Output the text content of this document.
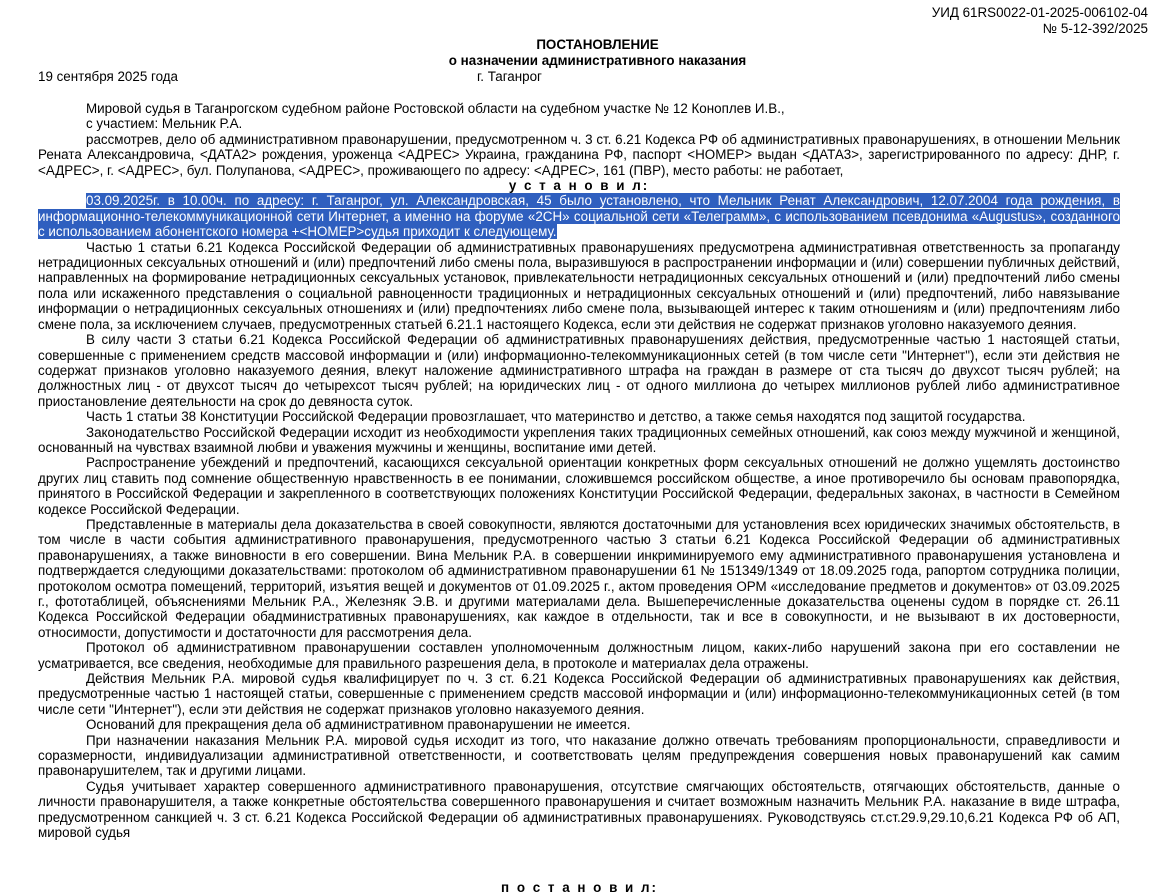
УИД 61RS0022-01-2025-006102-04
№ 5-12-392/2025
ПОСТАНОВЛЕНИЕ
о назначении административного наказания
19 сентября 2025 года	г. Таганрог

Мировой судья в Таганрогском судебном районе Ростовской области на судебном участке № 12 Коноплев И.В.,

с участием: Мельник Р.А.

рассмотрев, дело об административном правонарушении, предусмотренном ч. 3 ст. 6.21 Кодекса РФ об административных правонарушениях, в отношении Мельник Рената Александровича, <ДАТА2> рождения, уроженца <АДРЕС> Украина, гражданина РФ, паспорт <НОМЕР> выдан <ДАТА3>, зарегистрированного по адресу: ДНР, г. <АДРЕС>, г. <АДРЕС>, бул. Полупанова, <АДРЕС>, проживающего по адресу: <АДРЕС>, 161 (ПВР), место работы: не работает,

у с т а н о в и л:

03.09.2025г. в 10.00ч. по адресу: г. Таганрог, ул. Александровская, 45 было установлено, что Мельник Ренат Александрович, 12.07.2004 года рождения, в информационно-телекоммуникационной сети Интернет, а именно на форуме «2CH» социальной сети «Телеграмм», с использованием псевдонима «Augustus», созданного с использованием абонентского номера +<НОМЕР>судья приходит к следующему.

Частью 1 статьи 6.21 Кодекса Российской Федерации об административных правонарушениях предусмотрена административная ответственность за пропаганду нетрадиционных сексуальных отношений и (или) предпочтений либо смены пола, выразившуюся в распространении информации и (или) совершении публичных действий, направленных на формирование нетрадиционных сексуальных установок, привлекательности нетрадиционных сексуальных отношений и (или) предпочтений либо смены пола или искаженного представления о социальной равноценности традиционных и нетрадиционных сексуальных отношений и (или) предпочтений, либо навязывание информации о нетрадиционных сексуальных отношениях и (или) предпочтениях либо смене пола, вызывающей интерес к таким отношениям и (или) предпочтениям либо смене пола, за исключением случаев, предусмотренных статьей 6.21.1 настоящего Кодекса, если эти действия не содержат признаков уголовно наказуемого деяния.

В силу части 3 статьи 6.21 Кодекса Российской Федерации об административных правонарушениях действия, предусмотренные частью 1 настоящей статьи, совершенные с применением средств массовой информации и (или) информационно-телекоммуникационных сетей (в том числе сети "Интернет"), если эти действия не содержат признаков уголовно наказуемого деяния, влекут наложение административного штрафа на граждан в размере от ста тысяч до двухсот тысяч рублей; на должностных лиц - от двухсот тысяч до четырехсот тысяч рублей; на юридических лиц - от одного миллиона до четырех миллионов рублей либо административное приостановление деятельности на срок до девяноста суток.

Часть 1 статьи 38 Конституции Российской Федерации провозглашает, что материнство и детство, а также семья находятся под защитой государства.

Законодательство Российской Федерации исходит из необходимости укрепления таких традиционных семейных отношений, как союз между мужчиной и женщиной, основанный на чувствах взаимной любви и уважения мужчины и женщины, воспитание ими детей.

Распространение убеждений и предпочтений, касающихся сексуальной ориентации конкретных форм сексуальных отношений не должно ущемлять достоинство других лиц ставить под сомнение общественную нравственность в ее понимании, сложившемся российском обществе, а иное противоречило бы основам правопорядка, принятого в Российской Федерации и закрепленного в соответствующих положениях Конституции Российской Федерации, федеральных законах, в частности в Семейном кодексе Российской Федерации.

Представленные в материалы дела доказательства в своей совокупности, являются достаточными для установления всех юридических значимых обстоятельств, в том числе в части события административного правонарушения, предусмотренного частью 3 статьи 6.21 Кодекса Российской Федерации об административных правонарушениях, а также виновности в его совершении. Вина Мельник Р.А. в совершении инкриминируемого ему административного правонарушения установлена и подтверждается следующими доказательствами: протоколом об административном правонарушении 61 № 151349/1349 от 18.09.2025 года, рапортом сотрудника полиции, протоколом осмотра помещений, территорий, изъятия вещей и документов от 01.09.2025 г., актом проведения ОРМ «исследование предметов и документов» от 03.09.2025 г., фототаблицей, объяснениями Мельник Р.А., Железняк Э.В. и другими материалами дела. Вышеперечисленные доказательства оценены судом в порядке ст. 26.11 Кодекса Российской Федерации обадминистративных правонарушениях, как каждое в отдельности, так и все в совокупности, и не вызывают в их достоверности, относимости, допустимости и достаточности для рассмотрения дела.

Протокол об административном правонарушении составлен уполномоченным должностным лицом, каких-либо нарушений закона при его составлении не усматривается, все сведения, необходимые для правильного разрешения дела, в протоколе и материалах дела отражены.

Действия Мельник Р.А. мировой судья квалифицирует по ч. 3 ст. 6.21 Кодекса Российской Федерации об административных правонарушениях как действия, предусмотренные частью 1 настоящей статьи, совершенные с применением средств массовой информации и (или) информационно-телекоммуникационных сетей (в том числе сети "Интернет"), если эти действия не содержат признаков уголовно наказуемого деяния.

Оснований для прекращения дела об административном правонарушении не имеется.

При назначении наказания Мельник Р.А. мировой судья исходит из того, что наказание должно отвечать требованиям пропорциональности, справедливости и соразмерности, индивидуализации административной ответственности, и соответствовать целям предупреждения совершения новых правонарушений как самим правонарушителем, так и другими лицами.

Судья учитывает характер совершенного административного правонарушения, отсутствие смягчающих обстоятельств, отягчающих обстоятельств, данные о личности правонарушителя, а также конкретные обстоятельства совершенного правонарушения и считает возможным назначить Мельник Р.А. наказание в виде штрафа, предусмотренном санкцией ч. 3 ст. 6.21 Кодекса Российской Федерации об административных правонарушениях. Руководствуясь ст.ст.29.9,29.10,6.21 Кодекса РФ об АП, мировой судья

п о с т а н о в и л:
